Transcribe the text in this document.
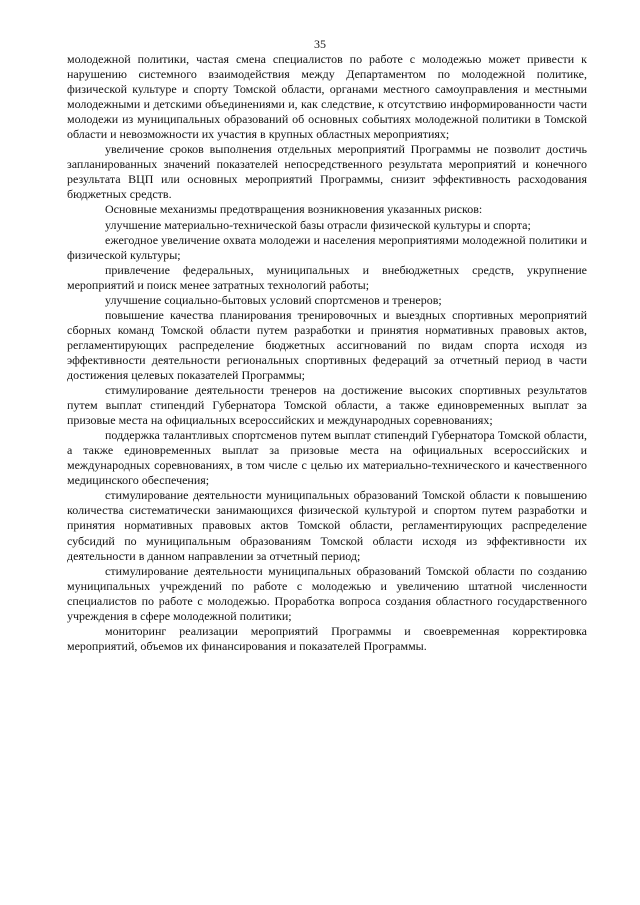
35

молодежной политики, частая смена специалистов по работе с молодежью может привести к нарушению системного взаимодействия между Департаментом по молодежной политике, физической культуре и спорту Томской области, органами местного самоуправления и местными молодежными и детскими объединениями и, как следствие, к отсутствию информированности части молодежи из муниципальных образований об основных событиях молодежной политики в Томской области и невозможности их участия в крупных областных мероприятиях;

увеличение сроков выполнения отдельных мероприятий Программы не позволит достичь запланированных значений показателей непосредственного результата мероприятий и конечного результата ВЦП или основных мероприятий Программы, снизит эффективность расходования бюджетных средств.

Основные механизмы предотвращения возникновения указанных рисков:

улучшение материально-технической базы отрасли физической культуры и спорта;

ежегодное увеличение охвата молодежи и населения мероприятиями молодежной политики и физической культуры;

привлечение федеральных, муниципальных и внебюджетных средств, укрупнение мероприятий и поиск менее затратных технологий работы;

улучшение социально-бытовых условий спортсменов и тренеров;

повышение качества планирования тренировочных и выездных спортивных мероприятий сборных команд Томской области путем разработки и принятия нормативных правовых актов, регламентирующих распределение бюджетных ассигнований по видам спорта исходя из эффективности деятельности региональных спортивных федераций за отчетный период в части достижения целевых показателей Программы;

стимулирование деятельности тренеров на достижение высоких спортивных результатов путем выплат стипендий Губернатора Томской области, а также единовременных выплат за призовые места на официальных всероссийских и международных соревнованиях;

поддержка талантливых спортсменов путем выплат стипендий Губернатора Томской области, а также единовременных выплат за призовые места на официальных всероссийских и международных соревнованиях, в том числе с целью их материально-технического и качественного медицинского обеспечения;

стимулирование деятельности муниципальных образований Томской области к повышению количества систематически занимающихся физической культурой и спортом путем разработки и принятия нормативных правовых актов Томской области, регламентирующих распределение субсидий по муниципальным образованиям Томской области исходя из эффективности их деятельности в данном направлении за отчетный период;

стимулирование деятельности муниципальных образований Томской области по созданию муниципальных учреждений по работе с молодежью и увеличению штатной численности специалистов по работе с молодежью. Проработка вопроса создания областного государственного учреждения в сфере молодежной политики;

мониторинг реализации мероприятий Программы и своевременная корректировка мероприятий, объемов их финансирования и показателей Программы.
